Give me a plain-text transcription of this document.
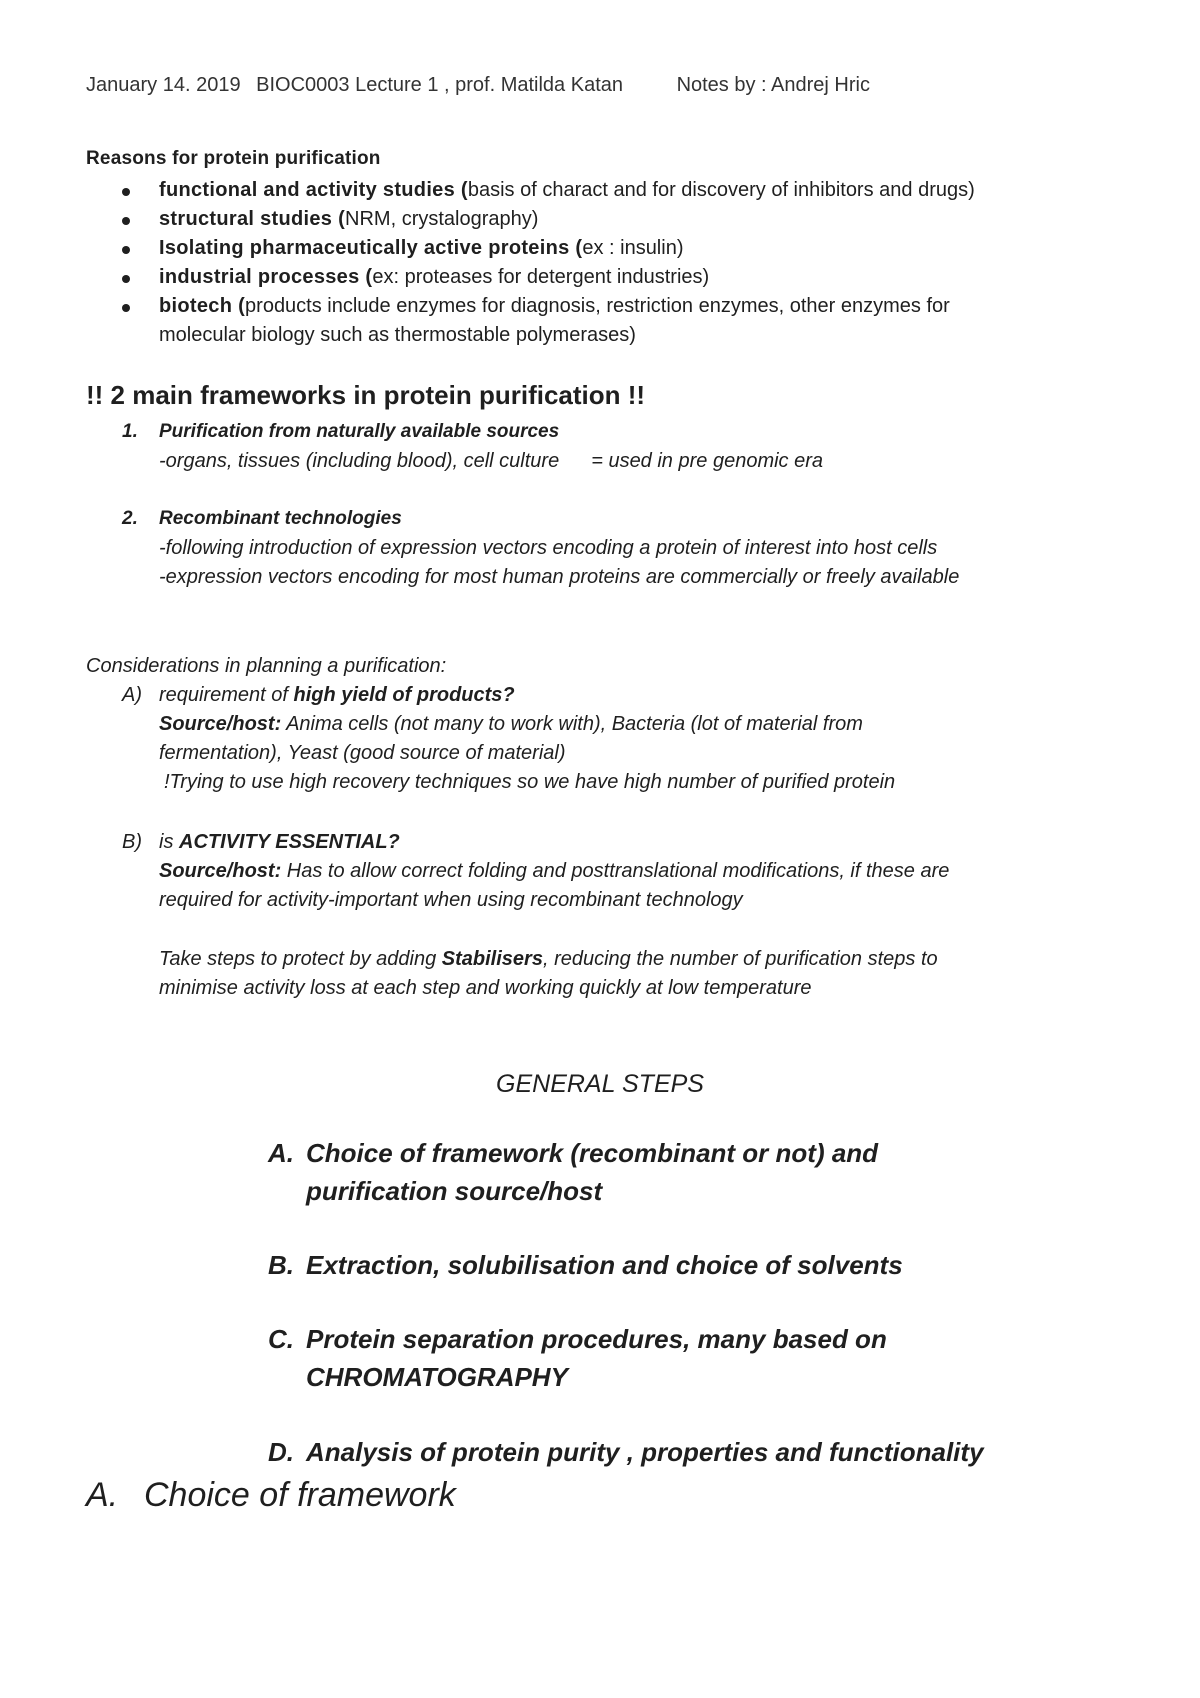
January 14. 2019 BIOC0003 Lecture 1 , prof. Matilda Katan	Notes by : Andrej Hric
Reasons for protein purification
functional and activity studies (basis of charact and for discovery of inhibitors and drugs)
structural studies (NRM, crystalography)
Isolating pharmaceutically active proteins (ex : insulin)
industrial processes (ex: proteases for detergent industries)
biotech (products include enzymes for diagnosis, restriction enzymes, other enzymes for
molecular biology such as thermostable polymerases)
!! 2 main frameworks in protein purification !!
1. Purification from naturally available sources
-organs, tissues (including blood), cell culture = used in pre genomic era
2. Recombinant technologies
-following introduction of expression vectors encoding a protein of interest into host cells
-expression vectors encoding for most human proteins are commercially or freely available
Considerations in planning a purification:
A) requirement of high yield of products?
Source/host: Anima cells (not many to work with), Bacteria (lot of material from
fermentation), Yeast (good source of material)
!Trying to use high recovery techniques so we have high number of purified protein
B) is ACTIVITY ESSENTIAL?
Source/host: Has to allow correct folding and posttranslational modifications, if these are
required for activity-important when using recombinant technology
Take steps to protect by adding Stabilisers, reducing the number of purification steps to
minimise activity loss at each step and working quickly at low temperature
GENERAL STEPS
A. Choice of framework (recombinant or not) and
purification source/host
B. Extraction, solubilisation and choice of solvents
C. Protein separation procedures, many based on
CHROMATOGRAPHY
D. Analysis of protein purity , properties and functionality
A. Choice of framework
